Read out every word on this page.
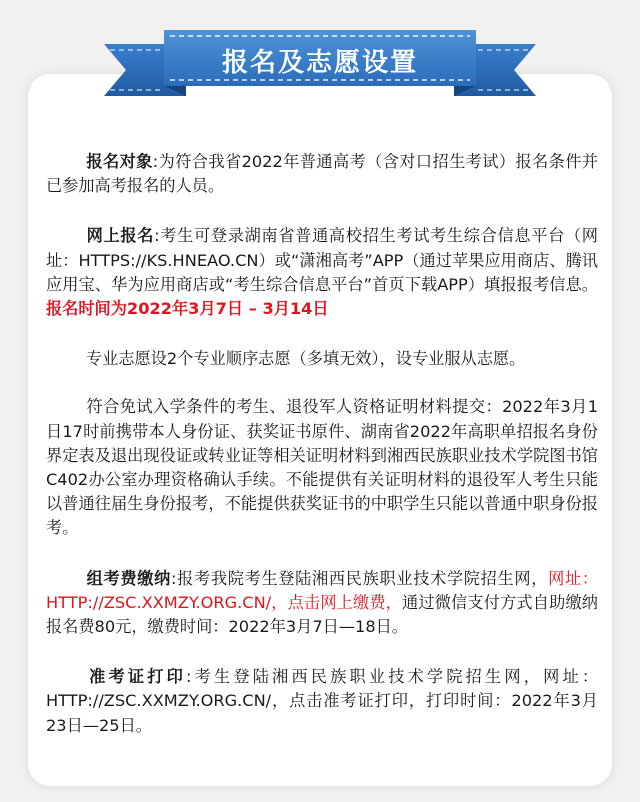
报名及志愿设置

报名对象:为符合我省2022年普通高考（含对口招生考试）报名条件并已参加高考报名的人员。

网上报名:考生可登录湖南省普通高校招生考试考生综合信息平台（网址：HTTPS://KS.HNEAO.CN）或“潇湘高考”APP（通过苹果应用商店、腾讯应用宝、华为应用商店或“考生综合信息平台”首页下载APP）填报报考信息。报名时间为2022年3月7日 – 3月14日

专业志愿设2个专业顺序志愿（多填无效），设专业服从志愿。

符合免试入学条件的考生、退役军人资格证明材料提交：2022年3月1日17时前携带本人身份证、获奖证书原件、湖南省2022年高职单招报名身份界定表及退出现役证或转业证等相关证明材料到湘西民族职业技术学院图书馆C402办公室办理资格确认手续。不能提供有关证明材料的退役军人考生只能以普通往届生身份报考，不能提供获奖证书的中职学生只能以普通中职身份报考。

组考费缴纳:报考我院考生登陆湘西民族职业技术学院招生网，网址：HTTP://ZSC.XXMZY.ORG.CN/，点击网上缴费，通过微信支付方式自助缴纳报名费80元，缴费时间：2022年3月7日—18日。

准考证打印:考生登陆湘西民族职业技术学院招生网，网址：HTTP://ZSC.XXMZY.ORG.CN/，点击准考证打印，打印时间：2022年3月23日—25日。
